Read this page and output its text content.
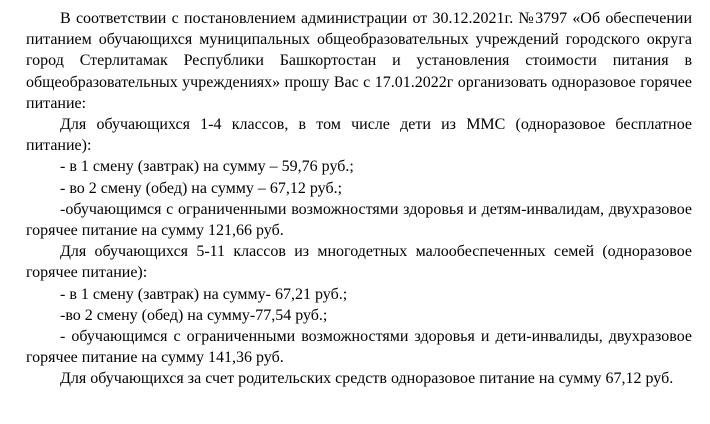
В соответствии с постановлением администрации от 30.12.2021г. №3797 «Об обеспечении питанием обучающихся муниципальных общеобразовательных учреждений городского округа город Стерлитамак Республики Башкортостан и установления стоимости питания в общеобразовательных учреждениях» прошу Вас с 17.01.2022г организовать одноразовое горячее питание:

Для обучающихся 1-4 классов, в том числе дети из ММС (одноразовое бесплатное питание):

- в 1 смену (завтрак) на сумму – 59,76 руб.;

- во 2 смену (обед) на сумму – 67,12 руб.;

-обучающимся с ограниченными возможностями здоровья и детям-инвалидам, двухразовое горячее питание на сумму 121,66 руб.

Для обучающихся 5-11 классов из многодетных малообеспеченных семей (одноразовое горячее питание):

- в 1 смену (завтрак) на сумму- 67,21 руб.;

-во 2 смену (обед) на сумму-77,54 руб.;

- обучающимся с ограниченными возможностями здоровья и дети-инвалиды, двухразовое горячее питание на сумму 141,36 руб.

Для обучающихся за счет родительских средств одноразовое питание на сумму 67,12 руб.
